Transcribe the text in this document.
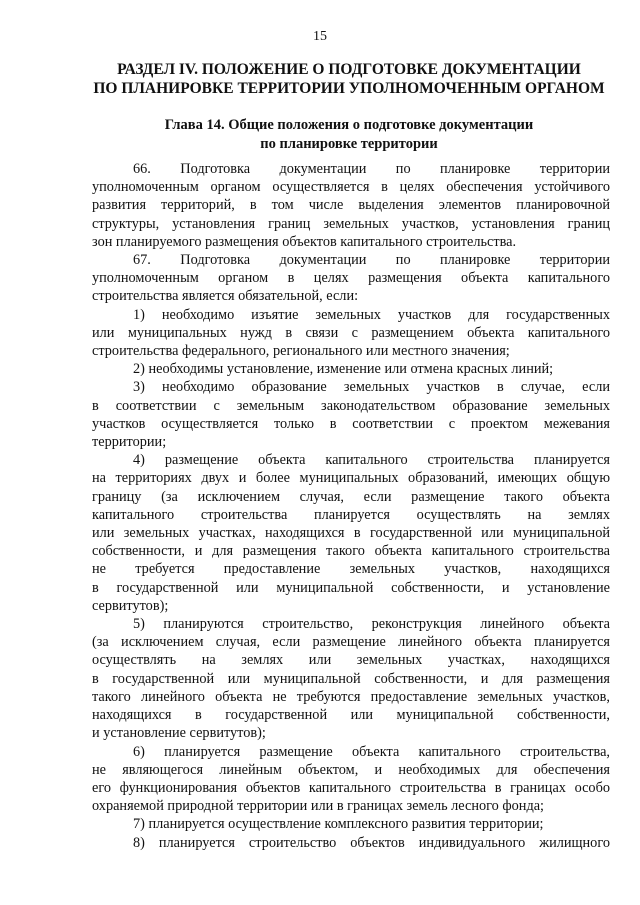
15
РАЗДЕЛ IV. ПОЛОЖЕНИЕ О ПОДГОТОВКЕ ДОКУМЕНТАЦИИ
ПО ПЛАНИРОВКЕ ТЕРРИТОРИИ УПОЛНОМОЧЕННЫМ ОРГАНОМ
Глава 14. Общие положения о подготовке документации
по планировке территории
66. Подготовка документации по планировке территории
уполномоченным органом осуществляется в целях обеспечения устойчивого
развития территорий, в том числе выделения элементов планировочной
структуры, установления границ земельных участков, установления границ
зон планируемого размещения объектов капитального строительства.
67. Подготовка документации по планировке территории
уполномоченным органом в целях размещения объекта капитального
строительства является обязательной, если:
1) необходимо изъятие земельных участков для государственных
или муниципальных нужд в связи с размещением объекта капитального
строительства федерального, регионального или местного значения;
2) необходимы установление, изменение или отмена красных линий;
3) необходимо образование земельных участков в случае, если
в соответствии с земельным законодательством образование земельных
участков осуществляется только в соответствии с проектом межевания
территории;
4) размещение объекта капитального строительства планируется
на территориях двух и более муниципальных образований, имеющих общую
границу (за исключением случая, если размещение такого объекта
капитального строительства планируется осуществлять на землях
или земельных участках, находящихся в государственной или муниципальной
собственности, и для размещения такого объекта капитального строительства
не требуется предоставление земельных участков, находящихся
в государственной или муниципальной собственности, и установление
сервитутов);
5) планируются строительство, реконструкция линейного объекта
(за исключением случая, если размещение линейного объекта планируется
осуществлять на землях или земельных участках, находящихся
в государственной или муниципальной собственности, и для размещения
такого линейного объекта не требуются предоставление земельных участков,
находящихся в государственной или муниципальной собственности,
и установление сервитутов);
6) планируется размещение объекта капитального строительства,
не являющегося линейным объектом, и необходимых для обеспечения
его функционирования объектов капитального строительства в границах особо
охраняемой природной территории или в границах земель лесного фонда;
7) планируется осуществление комплексного развития территории;
8) планируется строительство объектов индивидуального жилищного
